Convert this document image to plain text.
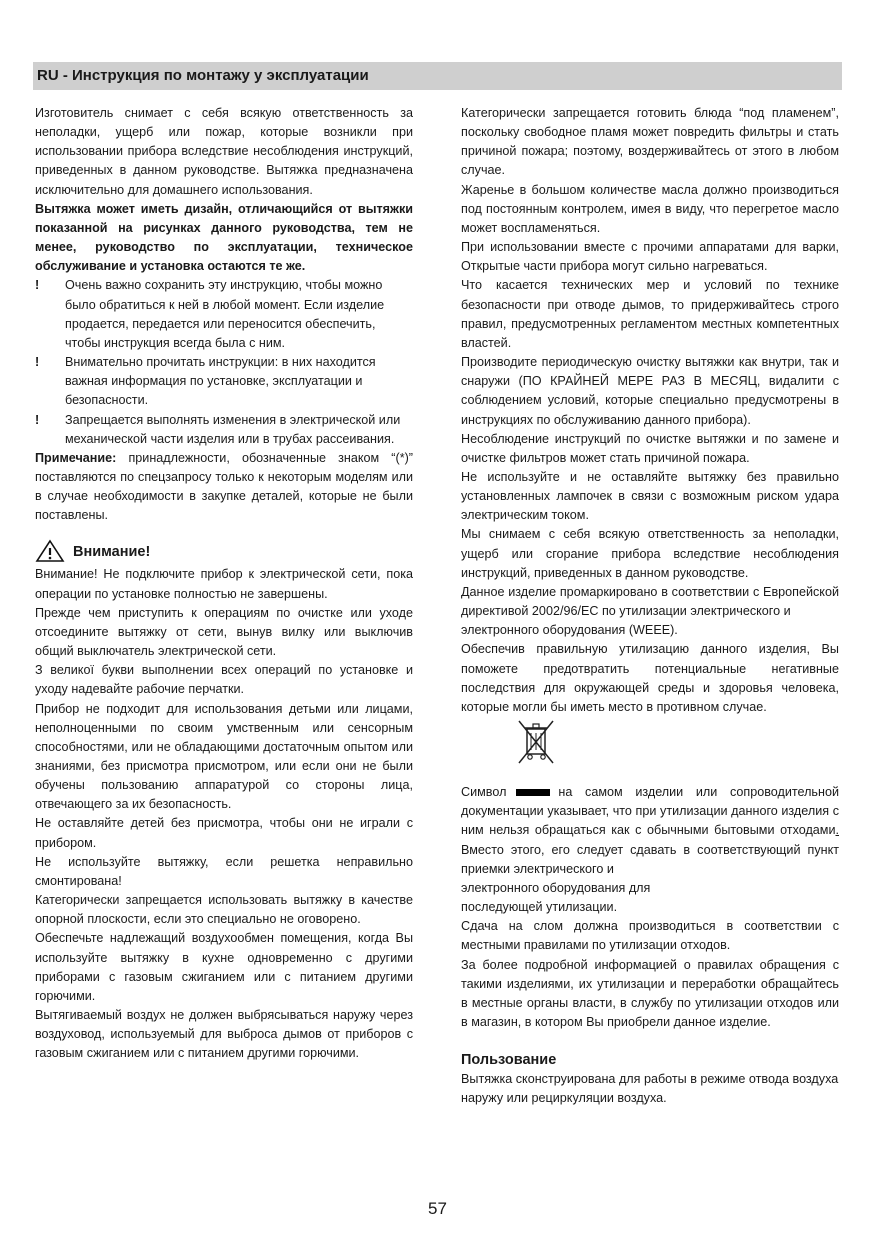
RU - Инструкция по монтажу у эксплуатации

Изготовитель снимает с себя всякую ответственность за неполадки, ущерб или пожар, которые возникли при использовании прибора вследствие несоблюдения инструкций, приведенных в данном руководстве. Вытяжка предназначена исключительно для домашнего использования.

Вытяжка может иметь дизайн, отличающийся от вытяжки показанной на рисунках данного руководства, тем не менее, руководство по эксплуатации, техническое обслуживание и установка остаются те же.

! Очень важно сохранить эту инструкцию, чтобы можно было обратиться к ней в любой момент. Если изделие продается, передается или переносится обеспечить, чтобы инструкция всегда была с ним.
! Внимательно прочитать инструкции: в них находится важная информация по установке, эксплуатации и безопасности.
! Запрещается выполнять изменения в электрической или механической части изделия или в трубах рассеивания.

Примечание: принадлежности, обозначенные знаком “(*)” поставляются по спецзапросу только к некоторым моделям или в случае необходимости в закупке деталей, которые не были поставлены.

Внимание!

Внимание! Не подключите прибор к электрической сети, пока операции по установке полностью не завершены.

Прежде чем приступить к операциям по очистке или уходе отсоедините вытяжку от сети, вынув вилку или выключив общий выключатель электрической сети.

З великої букви выполнении всех операций по установке и уходу надевайте рабочие перчатки.

Прибор не подходит для использования детьми или лицами, неполноценными по своим умственным или сенсорным способностями, или не обладающими достаточным опытом или знаниями, без присмотра присмотром, или если они не были обучены пользованию аппаратурой со стороны лица, отвечающего за их безопасность.

Не оставляйте детей без присмотра, чтобы они не играли с прибором.

Не используйте вытяжку, если решетка неправильно смонтирована!

Категорически запрещается использовать вытяжку в качестве опорной плоскости, если это специально не оговорено.

Обеспечьте надлежащий воздухообмен помещения, когда Вы используйте вытяжку в кухне одновременно с другими приборами с газовым сжиганием или с питанием другими горючими.

Вытягиваемый воздух не должен выбрясываться наружу через воздуховод, используемый для выброса дымов от приборов с газовым сжиганием или с питанием другими горючими.

Категорически запрещается готовить блюда “под пламенем”, поскольку свободное пламя может повредить фильтры и стать причиной пожара; поэтому, воздерживайтесь от этого в любом случае.

Жаренье в большом количестве масла должно производиться под постоянным контролем, имея в виду, что перегретое масло может воспламеняться.

При использовании вместе с прочими аппаратами для варки, Открытые части прибора могут сильно нагреваться.

Что касается технических мер и условий по технике безопасности при отводе дымов, то придерживайтесь строго правил, предусмотренных регламентом местных компетентных властей.

Производите периодическую очистку вытяжки как внутри, так и снаружи (ПО КРАЙНЕЙ МЕРЕ РАЗ В МЕСЯЦ, видалити с соблюдением условий, которые специально предусмотрены в инструкциях по обслуживанию данного прибора).

Несоблюдение инструкций по очистке вытяжки и по замене и очистке фильтров может стать причиной пожара.

Не используйте и не оставляйте вытяжку без правильно установленных лампочек в связи с возможным риском удара электрическим током.

Мы снимаем с себя всякую ответственность за неполадки, ущерб или сгорание прибора вследствие несоблюдения инструкций, приведенных в данном руководстве.

Данное изделие промаркировано в соответствии с Европейской директивой 2002/96/EC по утилизации электрического и

электронного оборудования (WEEE).

Обеспечив правильную утилизацию данного изделия, Вы поможете предотвратить потенциальные негативные последствия для окружающей среды и здоровья человека, которые могли бы иметь место в противном случае.

Символ	на самом изделии или сопроводительной документации указывает, что при утилизации данного изделия с ним нельзя обращаться как с обычными бытовыми отходами. Вместо этого, его следует сдавать в соответствующий пункт приемки электрического и

электронного оборудования для

последующей утилизации.

Сдача на слом должна производиться в соответствии с местными правилами по утилизации отходов.

За более подробной информацией о правилах обращения с такими изделиями, их утилизации и переработки обращайтесь в местные органы власти, в службу по утилизации отходов или в магазин, в котором Вы приобрели данное изделие.

Пользование

Вытяжка сконструирована для работы в режиме отвода воздуха наружу или рециркуляции воздуха.

57
